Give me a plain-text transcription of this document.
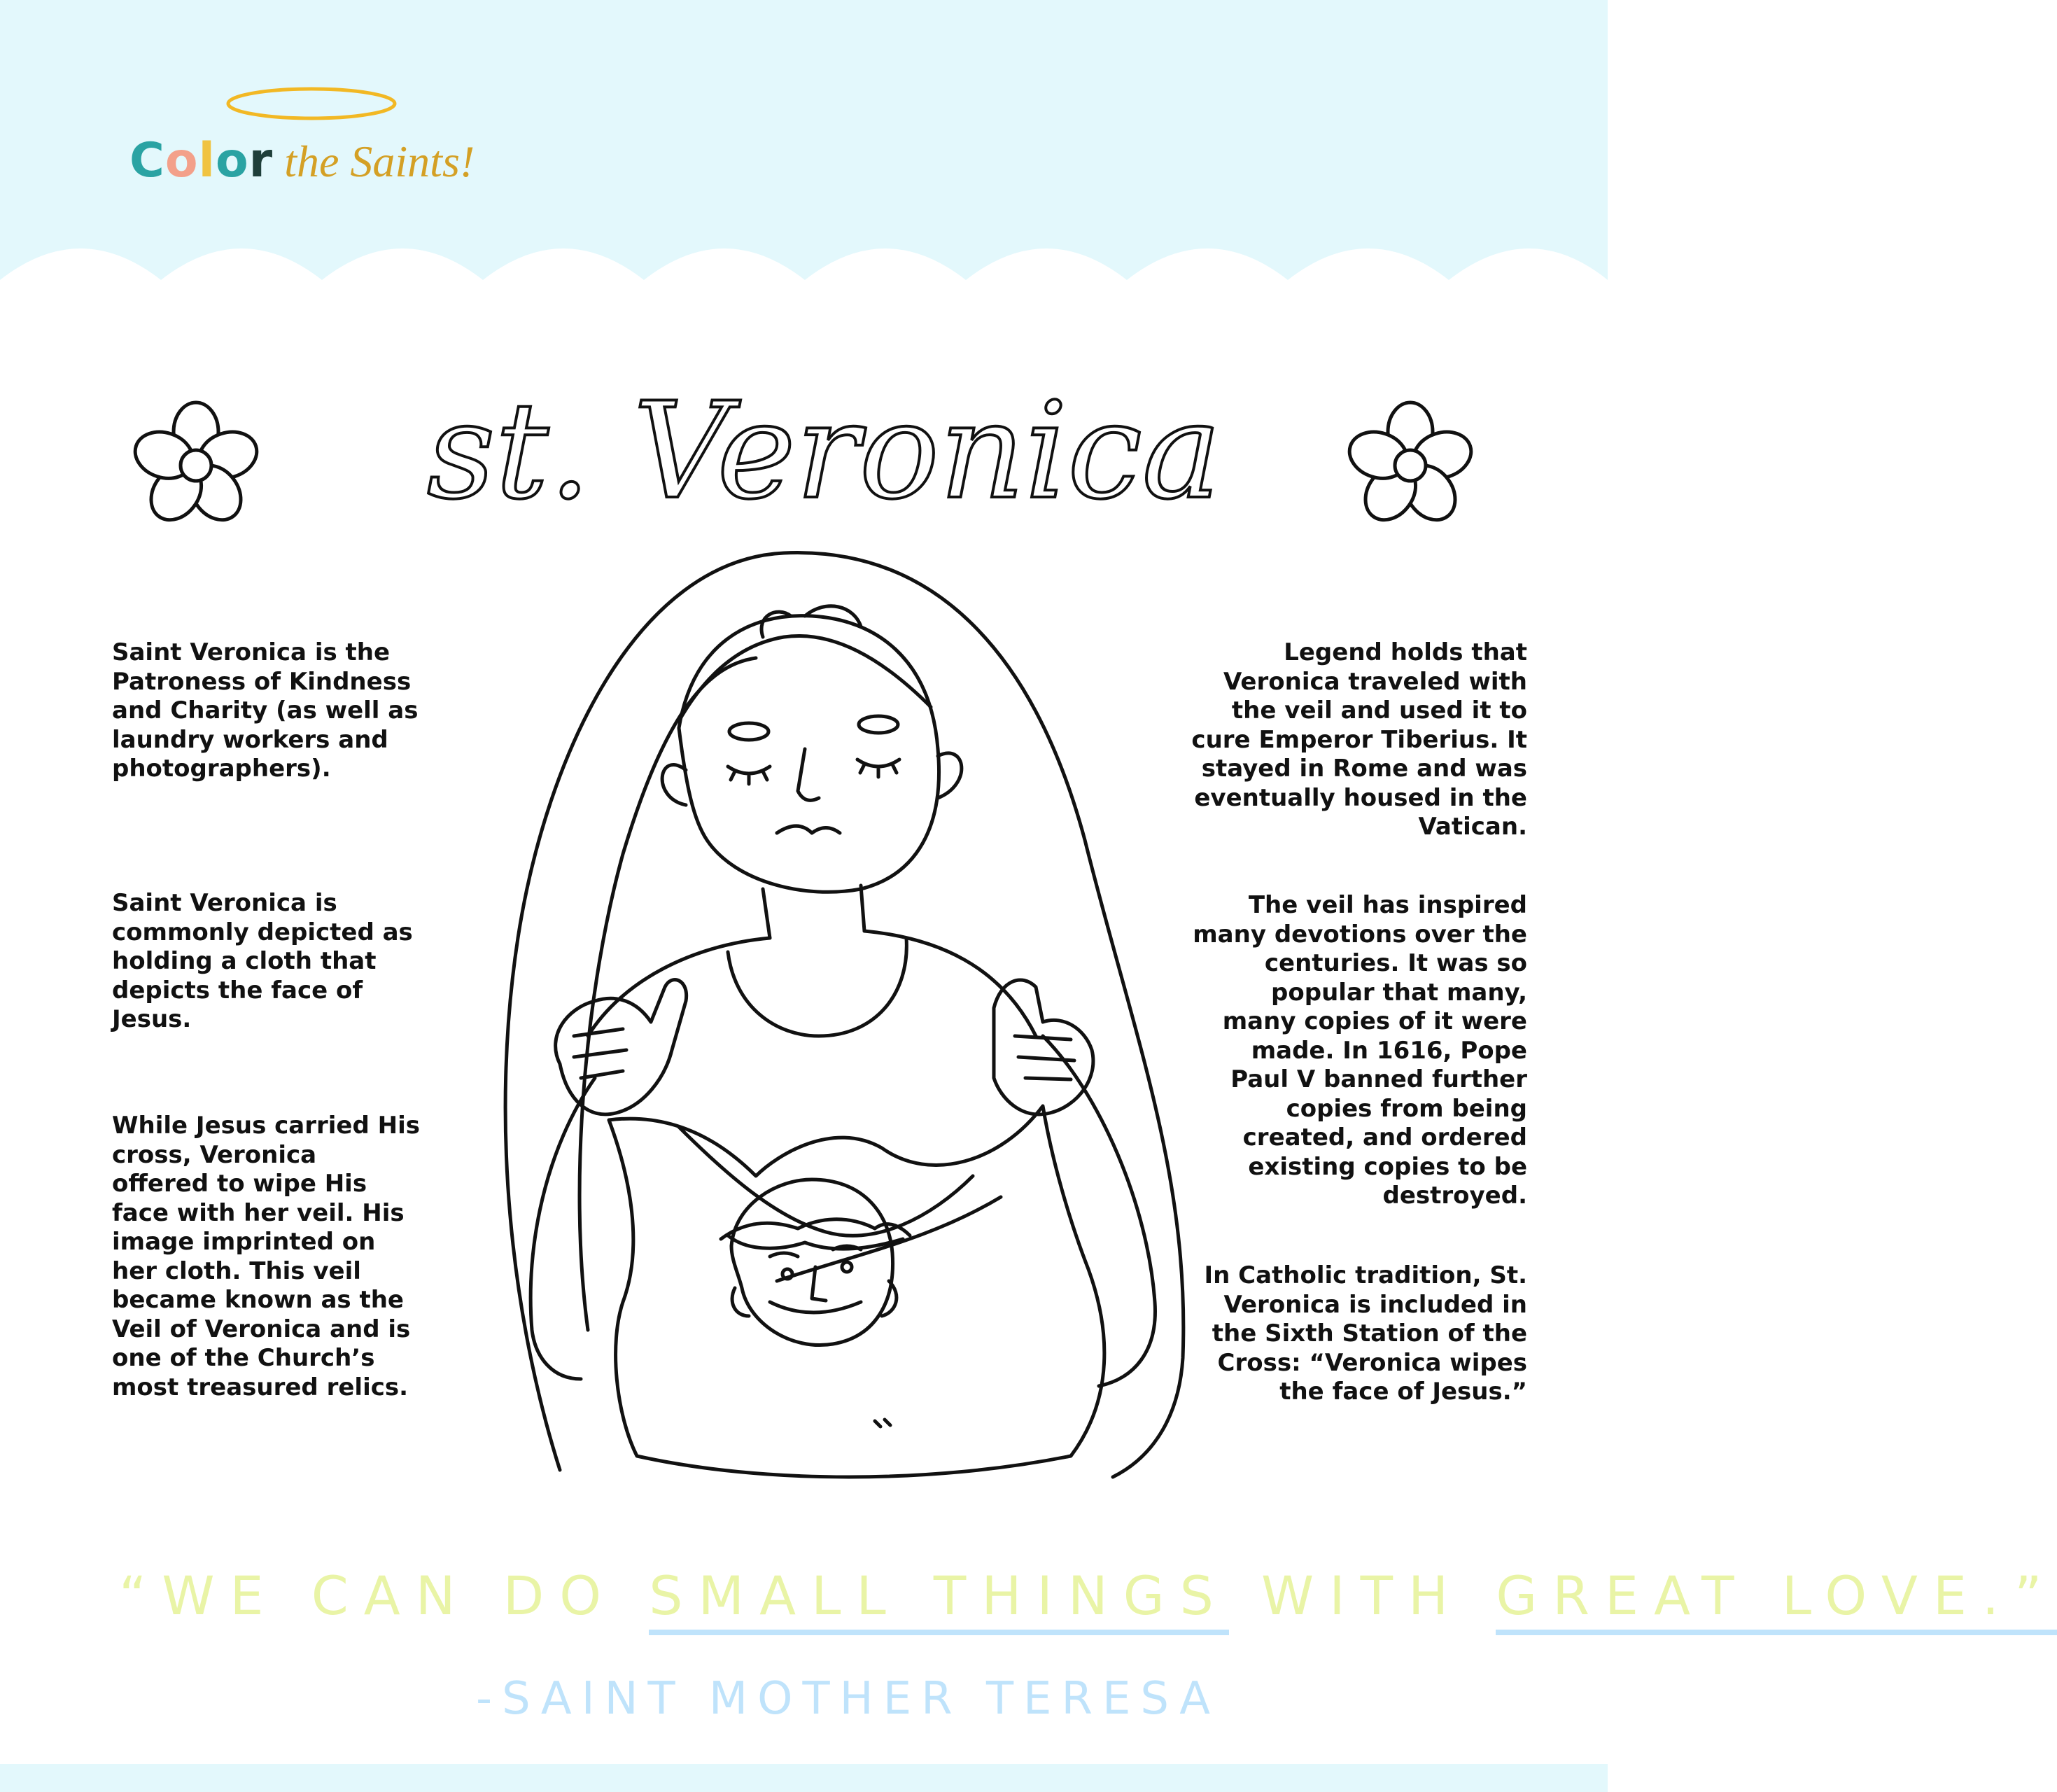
Color the Saints!
st. Veronica

Saint Veronica is the Patroness of Kindness and Charity (as well as laundry workers and photographers).

Saint Veronica is commonly depicted as holding a cloth that depicts the face of Jesus.

While Jesus carried His cross, Veronica offered to wipe His face with her veil. His image imprinted on her cloth. This veil became known as the Veil of Veronica and is one of the Church’s most treasured relics.

Legend holds that Veronica traveled with the veil and used it to cure Emperor Tiberius. It stayed in Rome and was eventually housed in the Vatican.

The veil has inspired many devotions over the centuries. It was so popular that many, many copies of it were made. In 1616, Pope Paul V banned further copies from being created, and ordered existing copies to be destroyed.

In Catholic tradition, St. Veronica is included in the Sixth Station of the Cross: “Veronica wipes the face of Jesus.”

“WE CAN DO SMALL THINGS WITH GREAT LOVE.”
-SAINT MOTHER TERESA
